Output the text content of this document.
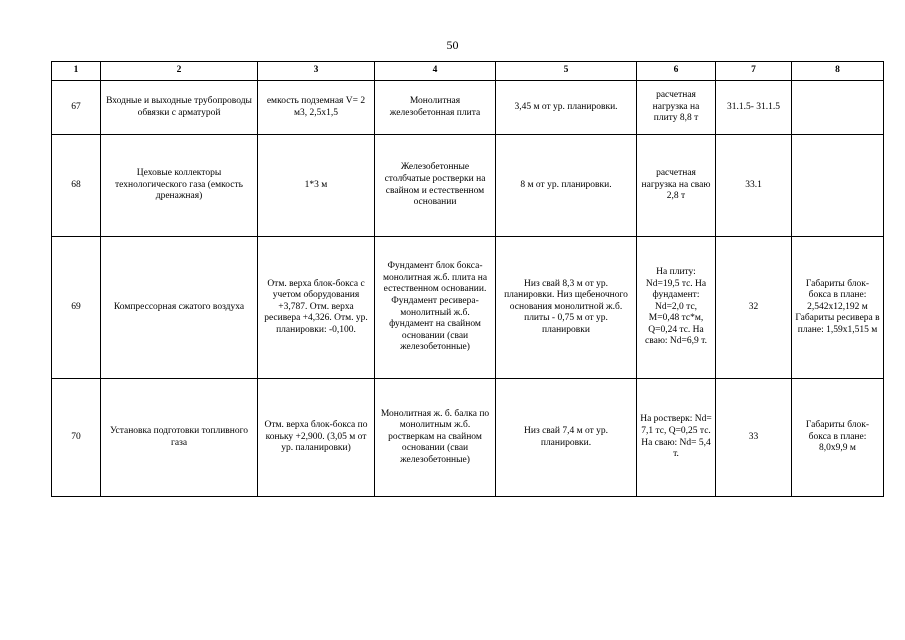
50
1	2	3	4	5	6	7	8
67	Входные и выходные трубопроводы обвязки с арматурой	емкость подземная V= 2 м3, 2,5х1,5	Монолитная железобетонная плита	3,45 м от ур. планировки.	расчетная нагрузка на плиту 8,8 т	31.1.5- 31.1.5	
68	Цеховые коллекторы технологического газа (емкость дренажная)	1*3 м	Железобетонные столбчатые ростверки на свайном и естественном основании	8 м от ур. планировки.	расчетная нагрузка на сваю 2,8 т	33.1	
69	Компрессорная сжатого воздуха	Отм. верха блок-бокса с учетом оборудования +3,787. Отм. верха ресивера +4,326. Отм. ур. планировки: -0,100.	Фундамент блок бокса- монолитная ж.б. плита на естественном основании. Фундамент ресивера- монолитный ж.б. фундамент на свайном основании (сваи железобетонные)	Низ свай 8,3 м от ур. планировки. Низ щебеночного основания монолитной ж.б. плиты - 0,75 м от ур. планировки	На плиту: Nd=19,5 тс. На фундамент: Nd=2,0 тс, M=0,48 тс*м, Q=0,24 тс. На сваю: Nd=6,9 т.	32	Габариты блок-бокса в плане: 2,542х12,192 м Габариты ресивера в плане: 1,59х1,515 м
70	Установка подготовки топливного газа	Отм. верха блок-бокса по коньку +2,900. (3,05 м от ур. паланировки)	Монолитная ж. б. балка по монолитным ж.б. ростверкам на свайном основании (сваи железобетонные)	Низ свай 7,4 м от ур. планировки.	На ростверк: Nd= 7,1 тс, Q=0,25 тс. На сваю: Nd= 5,4 т.	33	Габариты блок-бокса в плане: 8,0х9,9 м
